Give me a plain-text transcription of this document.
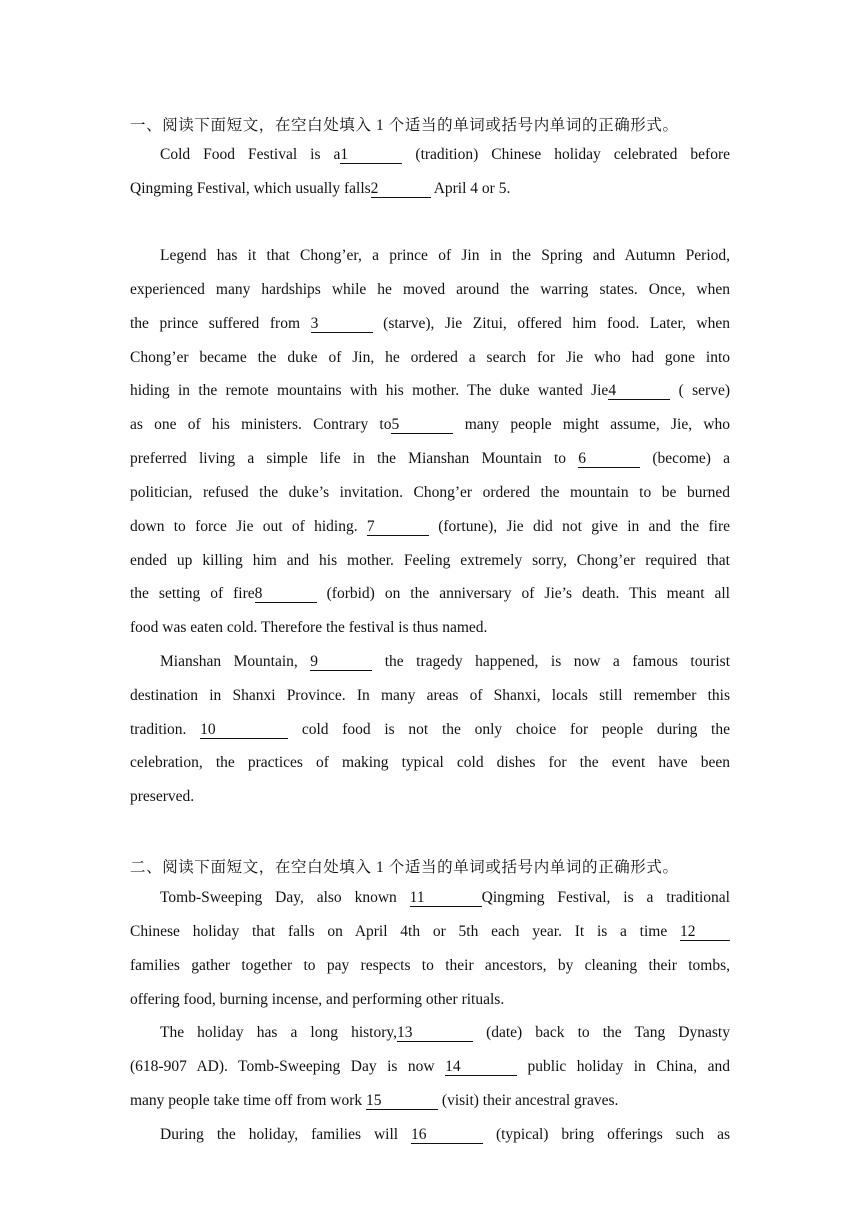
一、阅读下面短文，在空白处填入 1 个适当的单词或括号内单词的正确形式。
Cold Food Festival is a1	(tradition) Chinese holiday celebrated before
Qingming Festival, which usually falls2	April 4 or 5.
Legend has it that Chong’er, a prince of Jin in the Spring and Autumn Period,
experienced many hardships while he moved around the warring states. Once, when
the prince suffered from 3	(starve), Jie Zitui, offered him food. Later, when
Chong’er became the duke of Jin, he ordered a search for Jie who had gone into
hiding in the remote mountains with his mother. The duke wanted Jie4	( serve)
as one of his ministers. Contrary to5	many people might assume, Jie, who
preferred living a simple life in the Mianshan Mountain to 6	(become) a
politician, refused the duke’s invitation. Chong’er ordered the mountain to be burned
down to force Jie out of hiding. 7	(fortune), Jie did not give in and the fire
ended up killing him and his mother. Feeling extremely sorry, Chong’er required that
the setting of fire8	(forbid) on the anniversary of Jie’s death. This meant all
food was eaten cold. Therefore the festival is thus named.
Mianshan Mountain, 9	the tragedy happened, is now a famous tourist
destination in Shanxi Province. In many areas of Shanxi, locals still remember this
tradition. 10	cold food is not the only choice for people during the
celebration, the practices of making typical cold dishes for the event have been
preserved.
二、阅读下面短文，在空白处填入 1 个适当的单词或括号内单词的正确形式。
Tomb-Sweeping Day, also known 11	Qingming Festival, is a traditional
Chinese holiday that falls on April 4th or 5th each year. It is a time 12
families gather together to pay respects to their ancestors, by cleaning their tombs,
offering food, burning incense, and performing other rituals.
The holiday has a long history,13	(date) back to the Tang Dynasty
(618-907 AD). Tomb-Sweeping Day is now 14	public holiday in China, and
many people take time off from work 15	(visit) their ancestral graves.
During the holiday, families will 16	(typical) bring offerings such as
